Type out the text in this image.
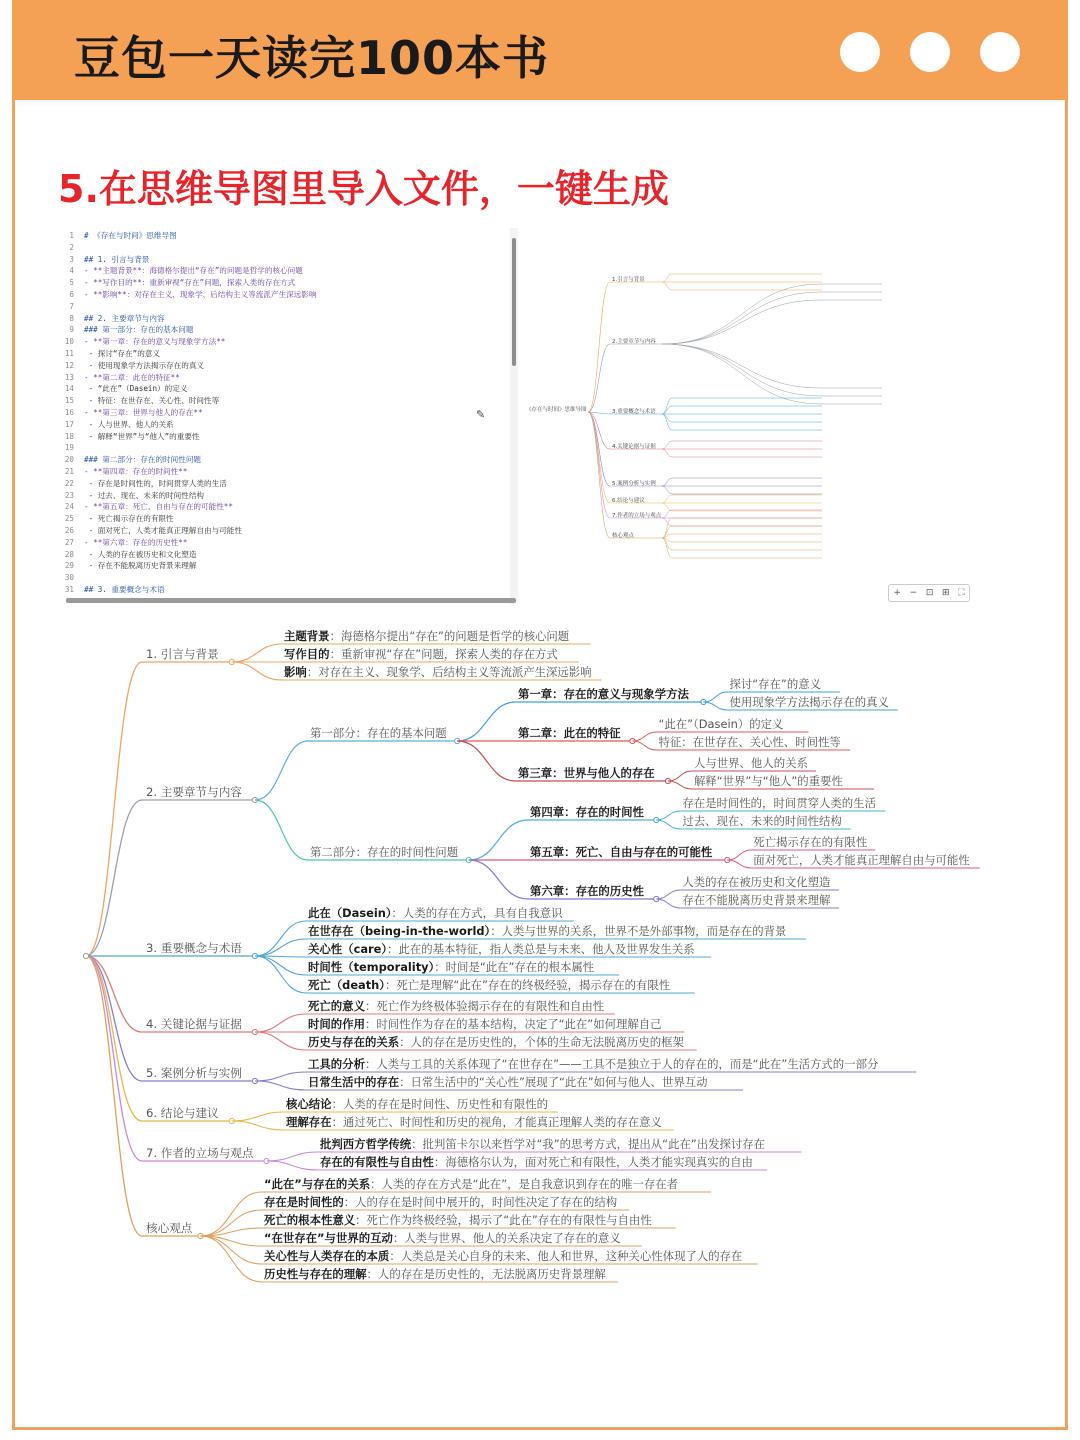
豆包一天读完100本书
5.在思维导图里导入文件，一键生成
1 # 《存在与时间》思维导图
2
3 ## 1. 引言与背景
4 - **主题背景**：海德格尔提出“存在”的问题是哲学的核心问题
5 - **写作目的**：重新审视“存在”问题，探索人类的存在方式
6 - **影响**：对存在主义、现象学、后结构主义等流派产生深远影响
7
8 ## 2. 主要章节与内容
9 ### 第一部分：存在的基本问题
10 - **第一章：存在的意义与现象学方法**
11 - 探讨“存在”的意义
12 - 使用现象学方法揭示存在的真义
13 - **第二章：此在的特征**
14 - “此在”（Dasein）的定义
15 - 特征：在世存在、关心性、时间性等
16 - **第三章：世界与他人的存在**
17 - 人与世界、他人的关系
18 - 解释“世界”与“他人”的重要性
19
20 ### 第二部分：存在的时间性问题
21 - **第四章：存在的时间性**
22 - 存在是时间性的，时间贯穿人类的生活
23 - 过去、现在、未来的时间性结构
24 - **第五章：死亡、自由与存在的可能性**
25 - 死亡揭示存在的有限性
26 - 面对死亡，人类才能真正理解自由与可能性
27 - **第六章：存在的历史性**
28 - 人类的存在被历史和文化塑造
29 - 存在不能脱离历史背景来理解
30
31 ## 3. 重要概念与术语
✎	《存在与时间》思维导图
1.引言与背景
2.主要章节与内容
3.重要概念与术语
4.关键论据与证据
5.案例分析与实例
6.结论与建议
7.作者的立场与观点
核心观点
+ − ⊡ ⊞ ⛶
1. 引言与背景
主题背景：海德格尔提出“存在”的问题是哲学的核心问题
写作目的：重新审视“存在”问题，探索人类的存在方式
影响：对存在主义、现象学、后结构主义等流派产生深远影响
2. 主要章节与内容
第一部分：存在的基本问题
第一章：存在的意义与现象学方法
探讨“存在”的意义
使用现象学方法揭示存在的真义
第二章：此在的特征
“此在”（Dasein）的定义
特征：在世存在、关心性、时间性等
第三章：世界与他人的存在
人与世界、他人的关系
解释“世界”与“他人”的重要性
第二部分：存在的时间性问题
第四章：存在的时间性
存在是时间性的，时间贯穿人类的生活
过去、现在、未来的时间性结构
第五章：死亡、自由与存在的可能性
死亡揭示存在的有限性
面对死亡，人类才能真正理解自由与可能性
第六章：存在的历史性
人类的存在被历史和文化塑造
存在不能脱离历史背景来理解
3. 重要概念与术语
此在（Dasein）：人类的存在方式，具有自我意识
在世存在（being-in-the-world）：人类与世界的关系，世界不是外部事物，而是存在的背景
关心性（care）：此在的基本特征，指人类总是与未来、他人及世界发生关系
时间性（temporality）：时间是“此在”存在的根本属性
死亡（death）：死亡是理解“此在”存在的终极经验，揭示存在的有限性
4. 关键论据与证据
死亡的意义：死亡作为终极体验揭示存在的有限性和自由性
时间的作用：时间性作为存在的基本结构，决定了“此在”如何理解自己
历史与存在的关系：人的存在是历史性的，个体的生命无法脱离历史的框架
5. 案例分析与实例
工具的分析：人类与工具的关系体现了“在世存在”——工具不是独立于人的存在的，而是“此在”生活方式的一部分
日常生活中的存在：日常生活中的“关心性”展现了“此在”如何与他人、世界互动
6. 结论与建议
核心结论：人类的存在是时间性、历史性和有限性的
理解存在：通过死亡、时间性和历史的视角，才能真正理解人类的存在意义
7. 作者的立场与观点
批判西方哲学传统：批判笛卡尔以来哲学对“我”的思考方式，提出从“此在”出发探讨存在
存在的有限性与自由性：海德格尔认为，面对死亡和有限性，人类才能实现真实的自由
核心观点
“此在”与存在的关系：人类的存在方式是“此在”，是自我意识到存在的唯一存在者
存在是时间性的：人的存在是时间中展开的，时间性决定了存在的结构
死亡的根本性意义：死亡作为终极经验，揭示了“此在”存在的有限性与自由性
“在世存在”与世界的互动：人类与世界、他人的关系决定了存在的意义
关心性与人类存在的本质：人类总是关心自身的未来、他人和世界，这种关心性体现了人的存在
历史性与存在的理解：人的存在是历史性的，无法脱离历史背景理解
